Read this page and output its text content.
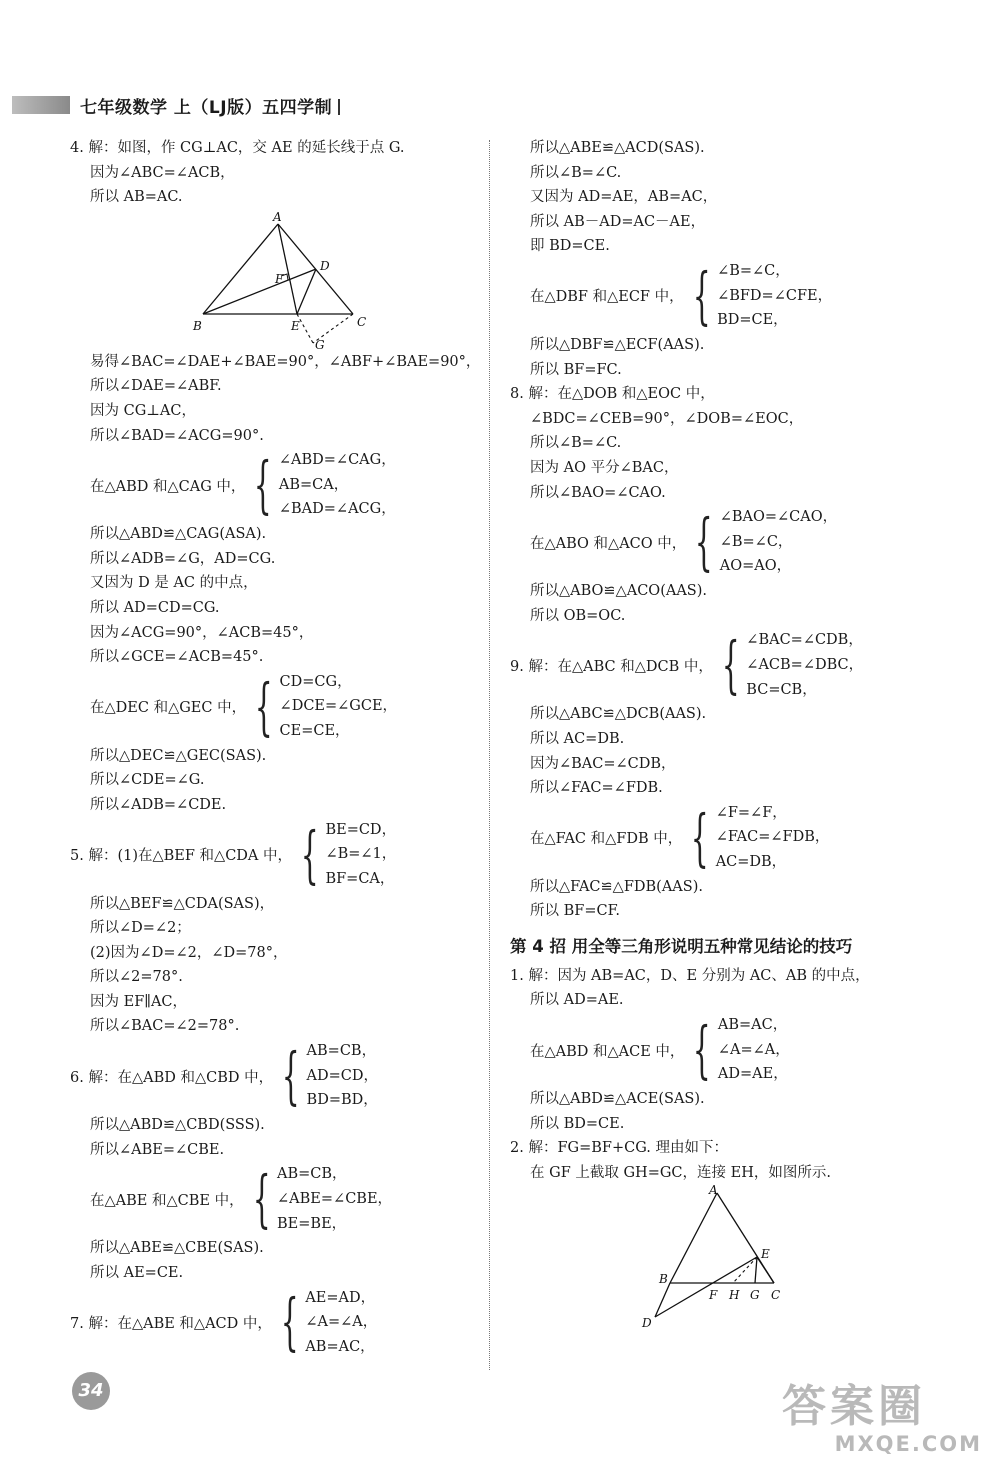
七年级数学 上（LJ版）五四学制
4. 解：如图，作 CG⊥AC，交 AE 的延长线于点 G.
因为∠ABC=∠ACB，
所以 AB=AC.
A
B	C
D
E
F
G
易得∠BAC=∠DAE+∠BAE=90°，∠ABF+∠BAE=90°，
所以∠DAE=∠ABF.
因为 CG⊥AC，
所以∠BAD=∠ACG=90°.
在△ABD 和△CAG 中， { ∠ABD=∠CAG，
AB=CA，
∠BAD=∠ACG，
所以△ABD≌△CAG(ASA).
所以∠ADB=∠G，AD=CG.
又因为 D 是 AC 的中点，
所以 AD=CD=CG.
因为∠ACG=90°，∠ACB=45°，
所以∠GCE=∠ACB=45°.
在△DEC 和△GEC 中， { CD=CG，
∠DCE=∠GCE，
CE=CE，
所以△DEC≌△GEC(SAS).
所以∠CDE=∠G.
所以∠ADB=∠CDE.
5. 解：(1)在△BEF 和△CDA 中， { BE=CD，
∠B=∠1，
BF=CA，
所以△BEF≌△CDA(SAS)，
所以∠D=∠2；
(2)因为∠D=∠2，∠D=78°，
所以∠2=78°.
因为 EF∥AC，
所以∠BAC=∠2=78°.
6. 解：在△ABD 和△CBD 中， { AB=CB，
AD=CD，
BD=BD，
所以△ABD≌△CBD(SSS).
所以∠ABE=∠CBE.
在△ABE 和△CBE 中， { AB=CB，
∠ABE=∠CBE，
BE=BE，
所以△ABE≌△CBE(SAS).
所以 AE=CE.
7. 解：在△ABE 和△ACD 中， { AE=AD，
∠A=∠A，
AB=AC，
所以△ABE≌△ACD(SAS).
所以∠B=∠C.
又因为 AD=AE，AB=AC，
所以 AB－AD=AC－AE，
即 BD=CE.
在△DBF 和△ECF 中， { ∠B=∠C，
∠BFD=∠CFE，
BD=CE，
所以△DBF≌△ECF(AAS).
所以 BF=FC.
8. 解：在△DOB 和△EOC 中，
∠BDC=∠CEB=90°，∠DOB=∠EOC，
所以∠B=∠C.
因为 AO 平分∠BAC，
所以∠BAO=∠CAO.
在△ABO 和△ACO 中， { ∠BAO=∠CAO，
∠B=∠C，
AO=AO，
所以△ABO≌△ACO(AAS).
所以 OB=OC.
9. 解：在△ABC 和△DCB 中， { ∠BAC=∠CDB，
∠ACB=∠DBC，
BC=CB，
所以△ABC≌△DCB(AAS).
所以 AC=DB.
因为∠BAC=∠CDB，
所以∠FAC=∠FDB.
在△FAC 和△FDB 中， { ∠F=∠F，
∠FAC=∠FDB，
AC=DB，
所以△FAC≌△FDB(AAS).
所以 BF=CF.
第 4 招 用全等三角形说明五种常见结论的技巧
1. 解：因为 AB=AC，D、E 分别为 AC、AB 的中点，
所以 AD=AE.
在△ABD 和△ACE 中， { AB=AC，
∠A=∠A，
AD=AE，
所以△ABD≌△ACE(SAS).
所以 BD=CE.
2. 解：FG=BF+CG. 理由如下：
在 GF 上截取 GH=GC，连接 EH，如图所示.
A
B
C
D
E
F	G
H
34	答案圈
MXQE.COM
